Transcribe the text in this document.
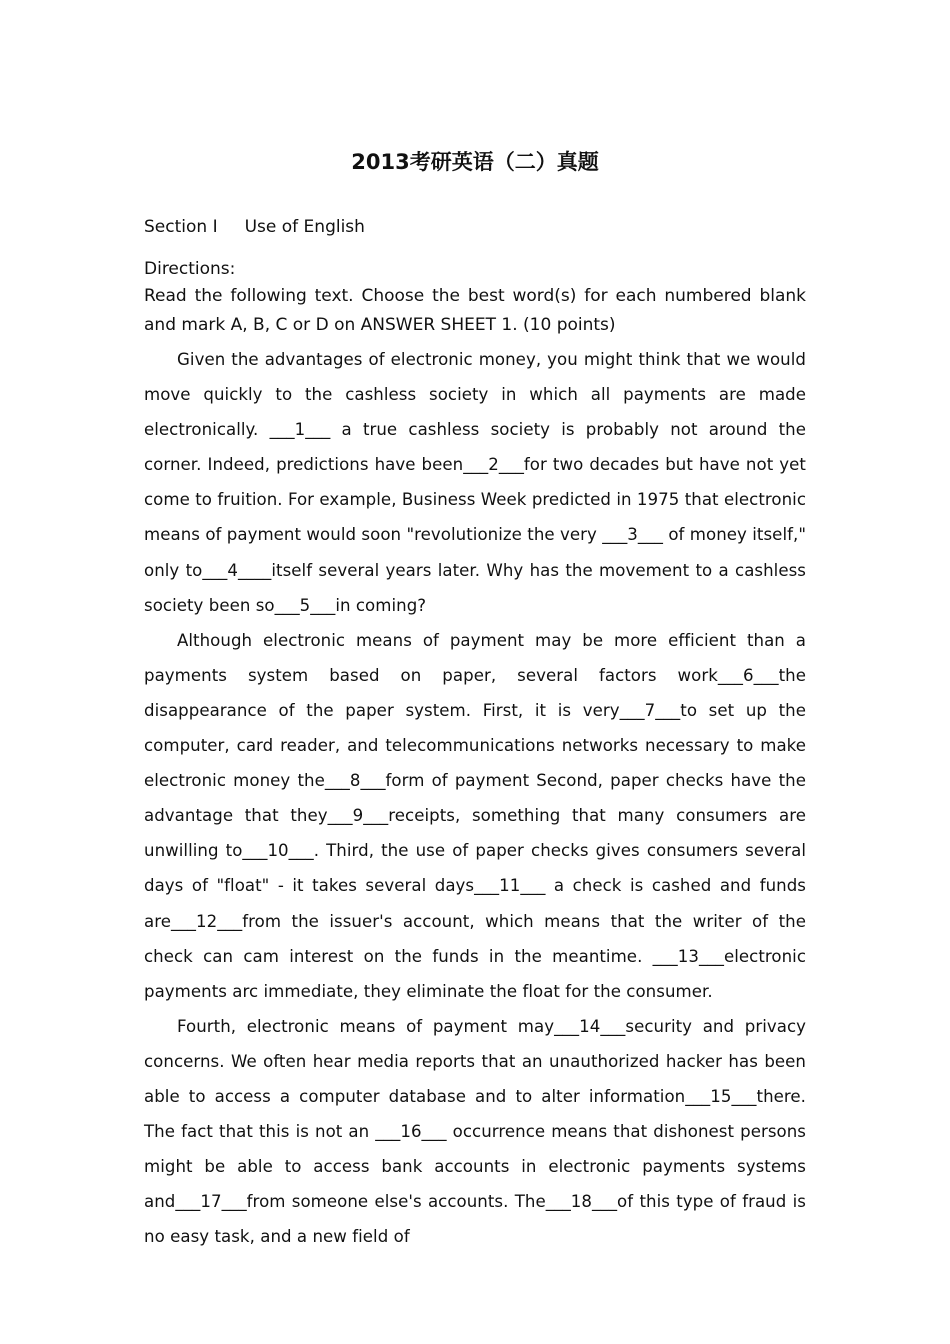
2013考研英语（二）真题

Section I     Use of English

Directions:

Read the following text. Choose the best word(s) for each numbered blank and mark A, B, C or D on ANSWER SHEET 1. (10 points)

Given the advantages of electronic money, you might think that we would move quickly to the cashless society in which all payments are made electronically. ___1___ a true cashless society is probably not around the corner. Indeed, predictions have been___2___for two decades but have not yet come to fruition. For example, Business Week predicted in 1975 that electronic means of payment would soon "revolutionize the very ___3___ of money itself," only to___4____itself several years later. Why has the movement to a cashless society been so___5___in coming?

Although electronic means of payment may be more efficient than a payments system based on paper, several factors work___6___the disappearance of the paper system. First, it is very___7___to set up the computer, card reader, and telecommunications networks necessary to make electronic money the___8___form of payment Second, paper checks have the advantage that they___9___receipts, something that many consumers are unwilling to___10___. Third, the use of paper checks gives consumers several days of "float" - it takes several days___11___ a check is cashed and funds are___12___from the issuer's account, which means that the writer of the check can cam interest on the funds in the meantime. ___13___electronic payments arc immediate, they eliminate the float for the consumer.

Fourth, electronic means of payment may___14___security and privacy concerns. We often hear media reports that an unauthorized hacker has been able to access a computer database and to alter information___15___there. The fact that this is not an ___16___ occurrence means that dishonest persons might be able to access bank accounts in electronic payments systems and___17___from someone else's accounts. The___18___of this type of fraud is no easy task, and a new field of
